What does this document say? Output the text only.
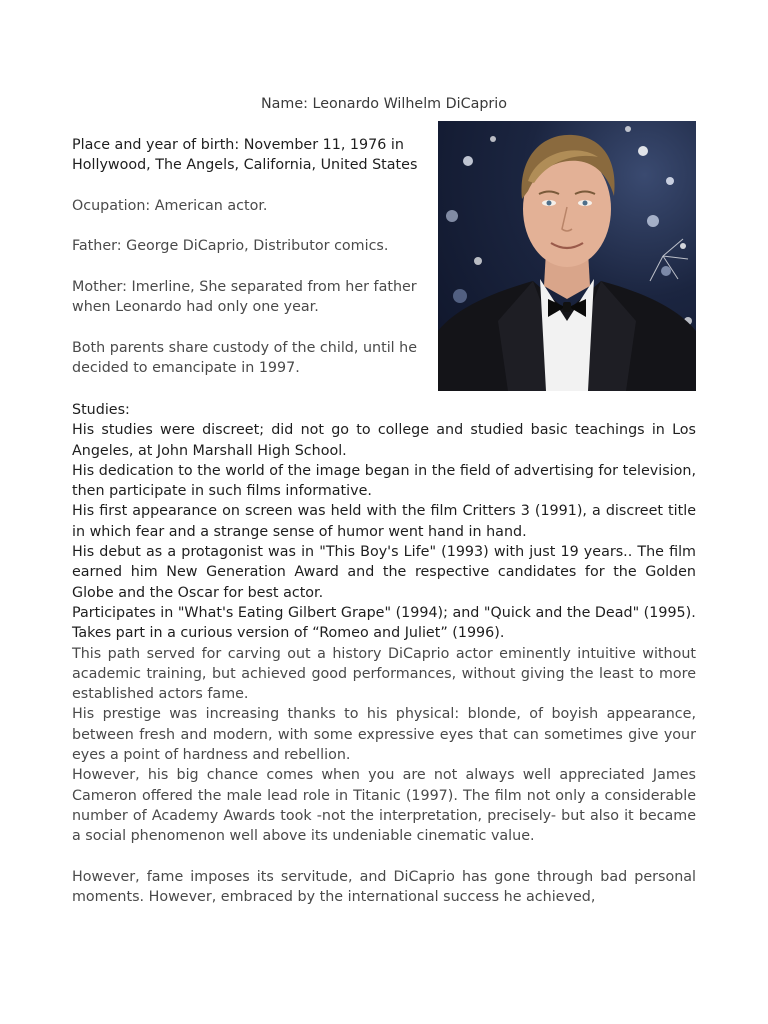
Name: Leonardo Wilhelm DiCaprio

Place and year of birth: November 11, 1976 in
Hollywood, The Angels, California, United States

Ocupation: American actor.

Father: George DiCaprio, Distributor comics.

Mother: Imerline, She separated from her father
when Leonardo had only one year.

Both parents share custody of the child, until he
decided to emancipate in 1997.

Studies:

His studies were discreet; did not go to college and studied basic teachings in Los Angeles, at John Marshall High School.

His dedication to the world of the image began in the field of advertising for television, then participate in such films informative.

His first appearance on screen was held with the film Critters 3 (1991), a discreet title in which fear and a strange sense of humor went hand in hand.

His debut as a protagonist was in "This Boy's Life" (1993) with just 19 years.. The film earned him New Generation Award and the respective candidates for the Golden Globe and the Oscar for best actor.

Participates in "What's Eating Gilbert Grape" (1994); and "Quick and the Dead" (1995).

Takes part in a curious version of “Romeo and Juliet” (1996).

This path served for carving out a history DiCaprio actor eminently intuitive without academic training, but achieved good performances, without giving the least to more established actors fame.

His prestige was increasing thanks to his physical: blonde, of boyish appearance, between fresh and modern, with some expressive eyes that can sometimes give your eyes a point of hardness and rebellion.

However, his big chance comes when you are not always well appreciated James Cameron offered the male lead role in Titanic (1997). The film not only a considerable number of Academy Awards took -not the interpretation, precisely- but also it became a social phenomenon well above its undeniable cinematic value.

However, fame imposes its servitude, and DiCaprio has gone through bad personal moments. However, embraced by the international success he achieved,
